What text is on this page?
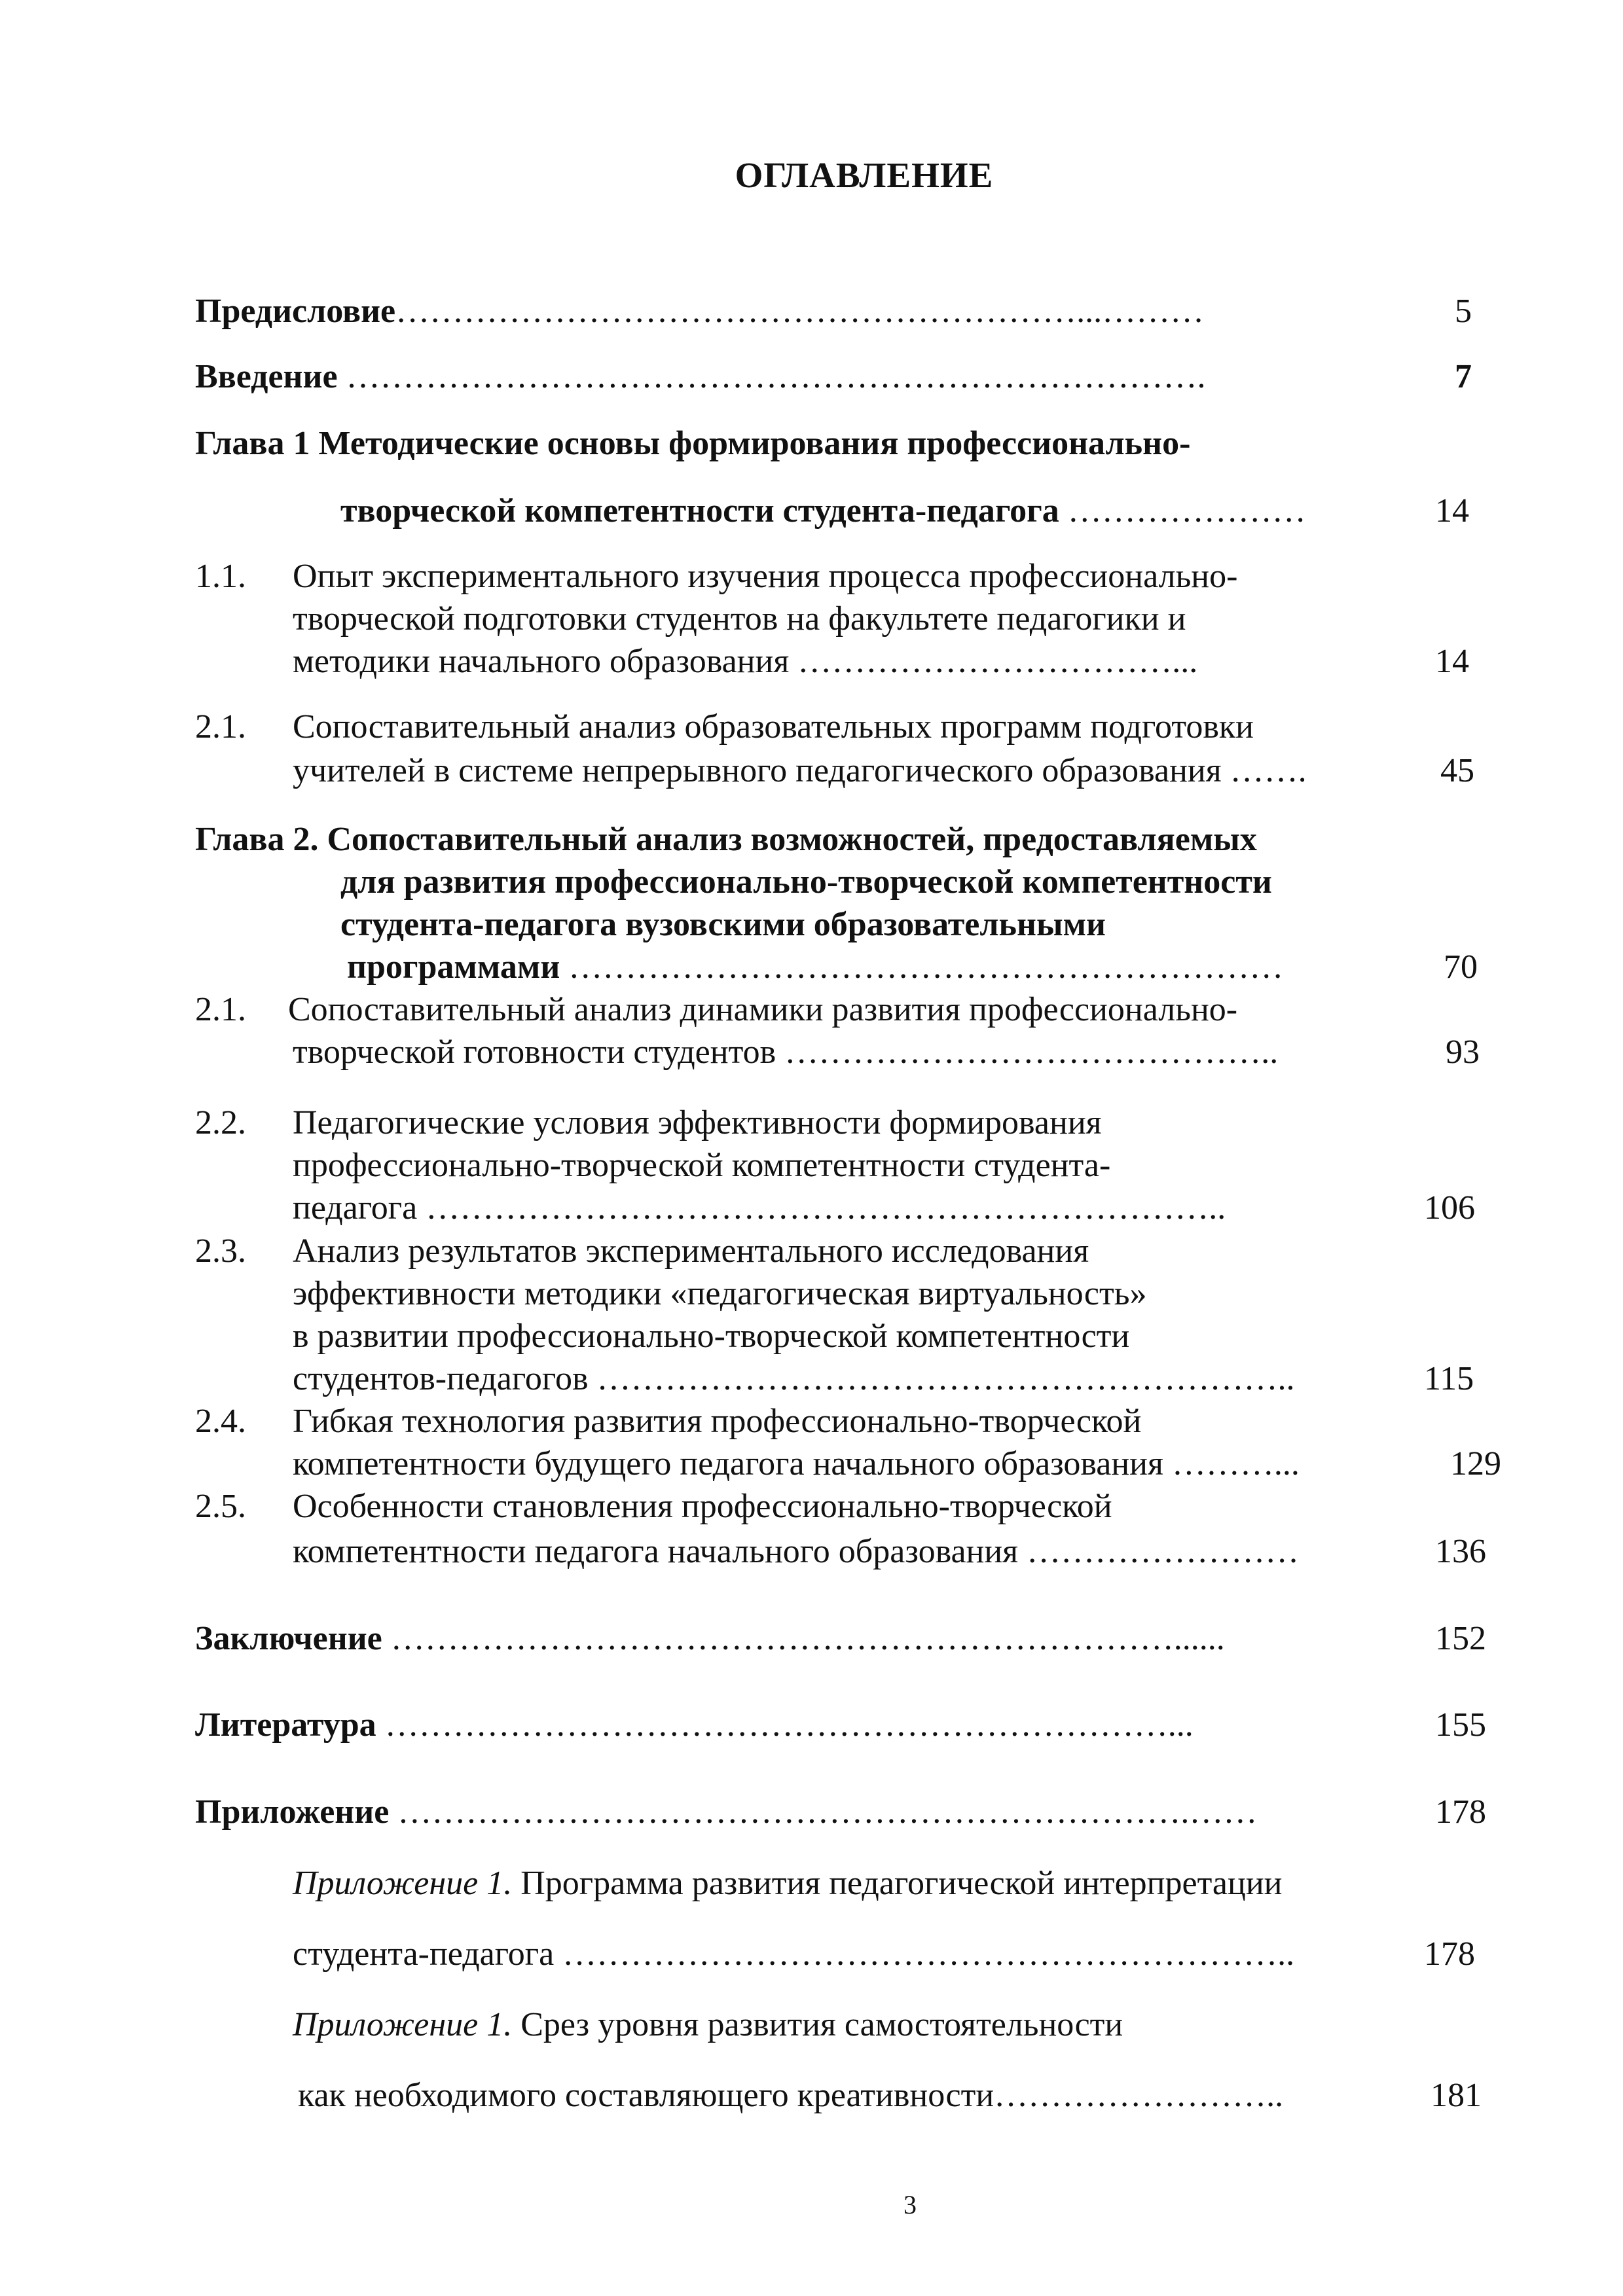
ОГЛАВЛЕНИЕ
Предисловие……………………………………………………...………	5
Введение ………………………………………………………………….	7
Глава 1 Методические основы формирования профессионально-
творческой компетентности студента-педагога …………………	14
1.1. Опыт экспериментального изучения процесса профессионально-
творческой подготовки студентов на факультете педагогики и
методики начального образования ……………………………...	14
2.1. Сопоставительный анализ образовательных программ подготовки
учителей в системе непрерывного педагогического образования …….	45
Глава 2. Сопоставительный анализ возможностей, предоставляемых
для развития профессионально-творческой компетентности
студента-педагога вузовскими образовательными
программами ………………………………………………………	70
2.1. Сопоставительный анализ динамики развития профессионально-
творческой готовности студентов ……………………………………..	93
2.2. Педагогические условия эффективности формирования
профессионально-творческой компетентности студента-
педагога ……………………………………………………………..	106
2.3. Анализ результатов экспериментального исследования
эффективности методики «педагогическая виртуальность»
в развитии профессионально-творческой компетентности
студентов-педагогов ……………………………………………………..	115
2.4. Гибкая технология развития профессионально-творческой
компетентности будущего педагога начального образования ………...	129
2.5. Особенности становления профессионально-творческой
компетентности педагога начального образования ……………………	136
Заключение ……………………………………………………………......	152
Литература ……………………………………………………………...	155
Приложение …………………………………………………………….……	178
Приложение 1. Программа развития педагогической интерпретации
студента-педагога ………………………………………………………..	178
Приложение 1. Срез уровня развития самостоятельности
как необходимого составляющего креативности……………………..	181
3
